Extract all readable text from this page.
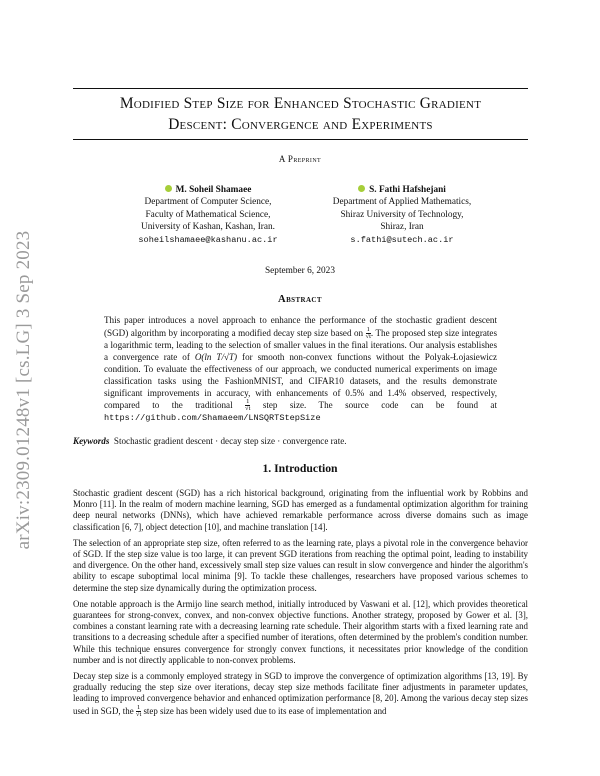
arXiv:2309.01248v1 [cs.LG] 3 Sep 2023
Modified Step Size for Enhanced Stochastic Gradient
Descent: Convergence and Experiments
A Preprint
M. Soheil Shamaee
Department of Computer Science,
Faculty of Mathematical Science,
University of Kashan, Kashan, Iran.
soheilshamaee@kashanu.ac.ir
S. Fathi Hafshejani
Department of Applied Mathematics,
Shiraz University of Technology,
Shiraz, Iran
s.fathi@sutech.ac.ir
September 6, 2023
Abstract

This paper introduces a novel approach to enhance the performance of the stochastic gradient descent (SGD) algorithm by incorporating a modified decay step size based on $\frac{1}{√t}$ . The proposed step size integrates a logarithmic term, leading to the selection of smaller values in the final iterations. Our analysis establishes a convergence rate of O(ln T/√T) for smooth non-convex functions without the Polyak-Łojasiewicz condition. To evaluate the effectiveness of our approach, we conducted numerical experiments on image classification tasks using the FashionMNIST, and CIFAR10 datasets, and the results demonstrate significant improvements in accuracy, with enhancements of 0.5% and 1.4% observed, respectively, compared to the traditional $\frac{1}{√t}$ step size. The source code can be found at https://github.com/Shamaeem/LNSQRTStepSize

Keywords Stochastic gradient descent · decay step size · convergence rate.
1. Introduction

Stochastic gradient descent (SGD) has a rich historical background, originating from the influential work by Robbins and Monro [11]. In the realm of modern machine learning, SGD has emerged as a fundamental optimization algorithm for training deep neural networks (DNNs), which have achieved remarkable performance across diverse domains such as image classification [6, 7], object detection [10], and machine translation [14].

The selection of an appropriate step size, often referred to as the learning rate, plays a pivotal role in the convergence behavior of SGD. If the step size value is too large, it can prevent SGD iterations from reaching the optimal point, leading to instability and divergence. On the other hand, excessively small step size values can result in slow convergence and hinder the algorithm's ability to escape suboptimal local minima [9]. To tackle these challenges, researchers have proposed various schemes to determine the step size dynamically during the optimization process.

One notable approach is the Armijo line search method, initially introduced by Vaswani et al. [12], which provides theoretical guarantees for strong-convex, convex, and non-convex objective functions. Another strategy, proposed by Gower et al. [3], combines a constant learning rate with a decreasing learning rate schedule. Their algorithm starts with a fixed learning rate and transitions to a decreasing schedule after a specified number of iterations, often determined by the problem's condition number. While this technique ensures convergence for strongly convex functions, it necessitates prior knowledge of the condition number and is not directly applicable to non-convex problems.

Decay step size is a commonly employed strategy in SGD to improve the convergence of optimization algorithms [13, 19]. By gradually reducing the step size over iterations, decay step size methods facilitate finer adjustments in parameter updates, leading to improved convergence behavior and enhanced optimization performance [8, 20]. Among the various decay step sizes used in SGD, the $\frac{1}{√t}$ step size has been widely used due to its ease of implementation and
